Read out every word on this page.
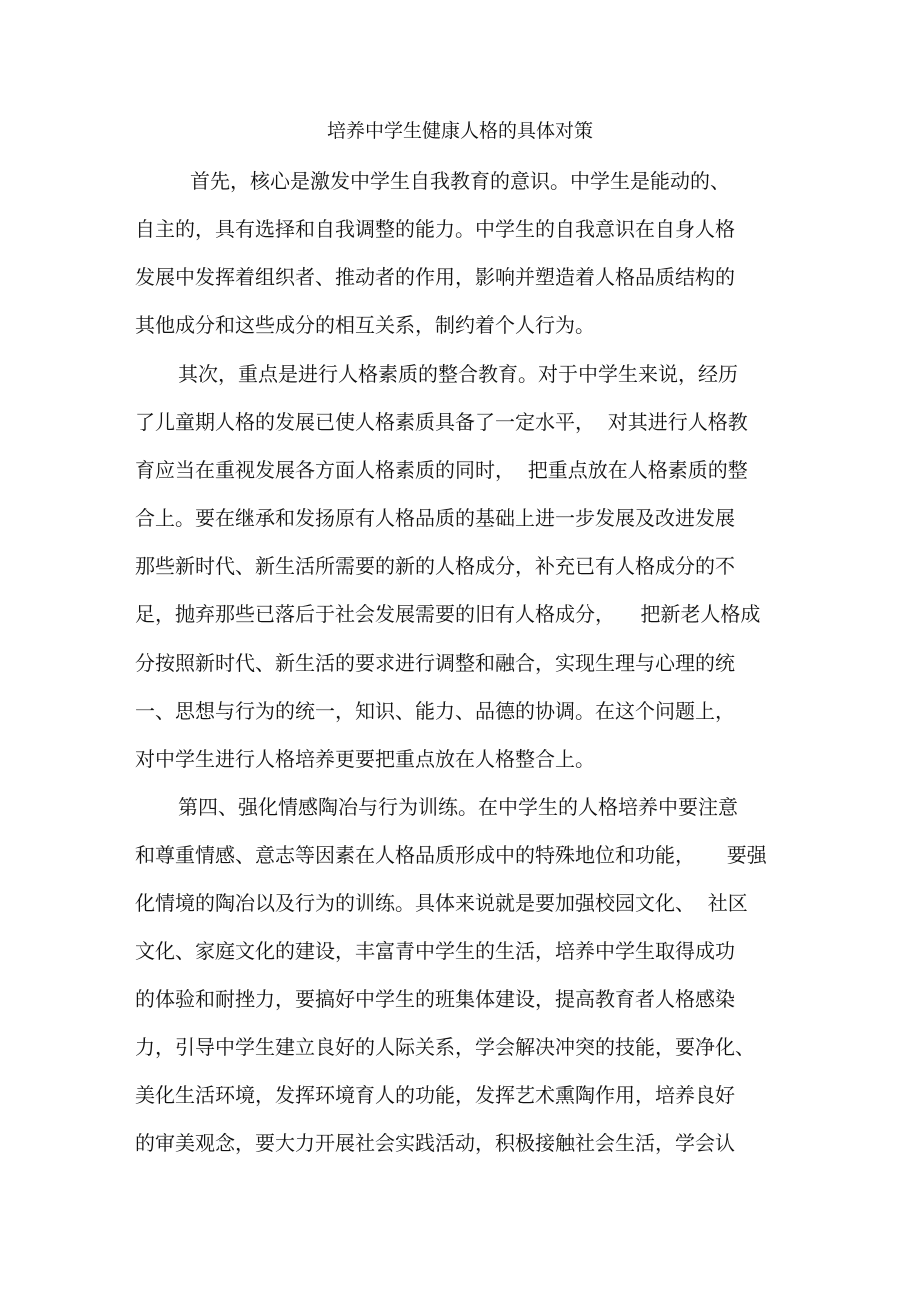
培养中学生健康人格的具体对策
首先，核心是激发中学生自我教育的意识。中学生是能动的、
自主的，具有选择和自我调整的能力。中学生的自我意识在自身人格
发展中发挥着组织者、推动者的作用，影响并塑造着人格品质结构的
其他成分和这些成分的相互关系，制约着个人行为。
其次，重点是进行人格素质的整合教育。对于中学生来说，经历
了儿童期人格的发展已使人格素质具备了一定水平，  对其进行人格教
育应当在重视发展各方面人格素质的同时，  把重点放在人格素质的整
合上。要在继承和发扬原有人格品质的基础上进一步发展及改进发展
那些新时代、新生活所需要的新的人格成分，补充已有人格成分的不
足，抛弃那些已落后于社会发展需要的旧有人格成分，    把新老人格成
分按照新时代、新生活的要求进行调整和融合，实现生理与心理的统
一、思想与行为的统一，知识、能力、品德的协调。在这个问题上，
对中学生进行人格培养更要把重点放在人格整合上。
第四、强化情感陶冶与行为训练。在中学生的人格培养中要注意
和尊重情感、意志等因素在人格品质形成中的特殊地位和功能，     要强
化情境的陶冶以及行为的训练。具体来说就是要加强校园文化、  社区
文化、家庭文化的建设，丰富青中学生的生活，培养中学生取得成功
的体验和耐挫力，要搞好中学生的班集体建设，提高教育者人格感染
力，引导中学生建立良好的人际关系，学会解决冲突的技能，要净化、
美化生活环境，发挥环境育人的功能，发挥艺术熏陶作用，培养良好
的审美观念，要大力开展社会实践活动，积极接触社会生活，学会认
